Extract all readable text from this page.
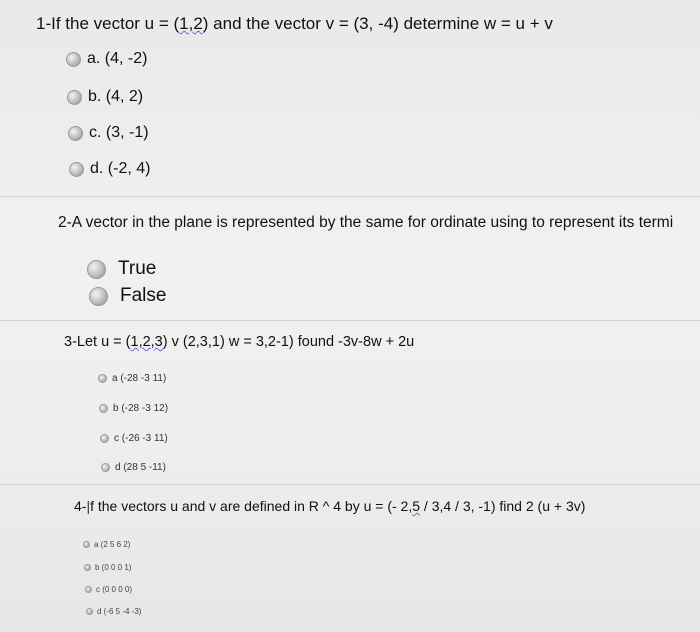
1-If the vector u = (1,2) and the vector v = (3, -4) determine w = u + v
a. (4, -2)
b. (4, 2)
c. (3, -1)
d. (-2, 4)
2-A vector in the plane is represented by the same for ordinate using to represent its termi
True
False
3-Let u = (1,2,3) v (2,3,1) w = 3,2-1) found -3v-8w + 2u
a (-28 -3 11)
b (-28 -3 12)
c (-26 -3 11)
d (28 5 -11)
4-|f the vectors u and v are defined in R ^ 4 by u = (- 2,5 / 3,4 / 3, -1) find 2 (u + 3v)
a (2 5 6 2)
b (0 0 0 1)
c (0 0 0 0)
d (-6 5 -4 -3)
